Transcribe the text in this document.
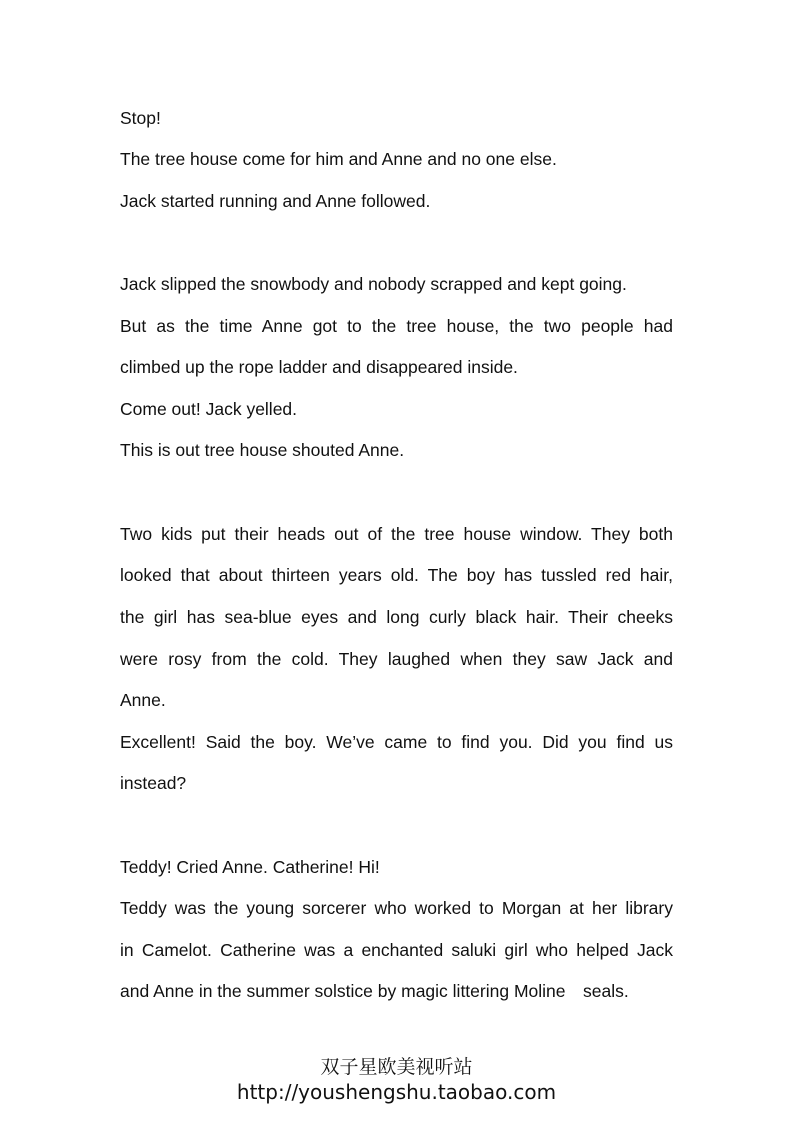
Stop!
The tree house come for him and Anne and no one else.
Jack started running and Anne followed.
Jack slipped the snowbody and nobody scrapped and kept going.
But as the time Anne got to the tree house, the two people had
climbed up the rope ladder and disappeared inside.
Come out! Jack yelled.
This is out tree house shouted Anne.
Two kids put their heads out of the tree house window. They both
looked that about thirteen years old. The boy has tussled red hair,
the girl has sea-blue eyes and long curly black hair. Their cheeks
were rosy from the cold. They laughed when they saw Jack and
Anne.
Excellent! Said the boy. We’ve came to find you. Did you find us
instead?
Teddy! Cried Anne. Catherine! Hi!
Teddy was the young sorcerer who worked to Morgan at her library
in Camelot. Catherine was a enchanted saluki girl who helped Jack
and Anne in the summer solstice by magic littering Moline　seals.
双子星欧美视听站
http://youshengshu.taobao.com
